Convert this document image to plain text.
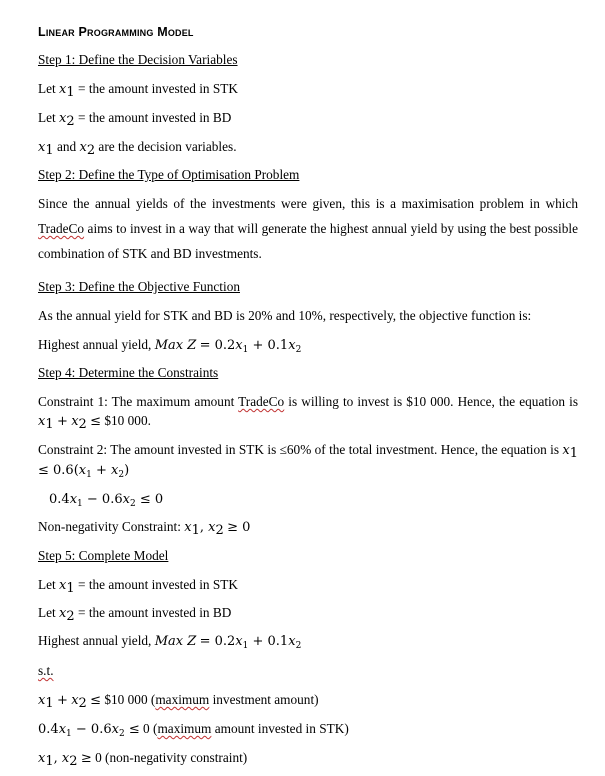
Linear Programming Model
Step 1: Define the Decision Variables
Let $x_1$ = the amount invested in STK
Let $x_2$ = the amount invested in BD
$x_1$ and $x_2$ are the decision variables.
Step 2: Define the Type of Optimisation Problem
Since the annual yields of the investments were given, this is a maximisation problem in which TradeCo aims to invest in a way that will generate the highest annual yield by using the best possible combination of STK and BD investments.
Step 3: Define the Objective Function
As the annual yield for STK and BD is 20% and 10%, respectively, the objective function is:
Highest annual yield, Max $Z = 0.2x_1 + 0.1x_2$
Step 4: Determine the Constraints
Constraint 1: The maximum amount TradeCo is willing to invest is $10 000. Hence, the equation is $x_1 + x_2$ ≤ $10 000.
Constraint 2: The amount invested in STK is ≤60% of the total investment. Hence, the equation is $x_1 \le 0.6(x_1 + x_2)$
$0.4x_1 - 0.6x_2 \le 0$
Non-negativity Constraint: $x_1$, $x_2 \ge 0$
Step 5: Complete Model
Let $x_1$ = the amount invested in STK
Let $x_2$ = the amount invested in BD
Highest annual yield, Max $Z = 0.2x_1 + 0.1x_2$
s.t.
$x_1 + x_2$ ≤ $10 000 (maximum investment amount)
$0.4x_1 - 0.6x_2 \le 0$ (maximum amount invested in STK)
$x_1$, $x_2 \ge 0$ (non-negativity constraint)
